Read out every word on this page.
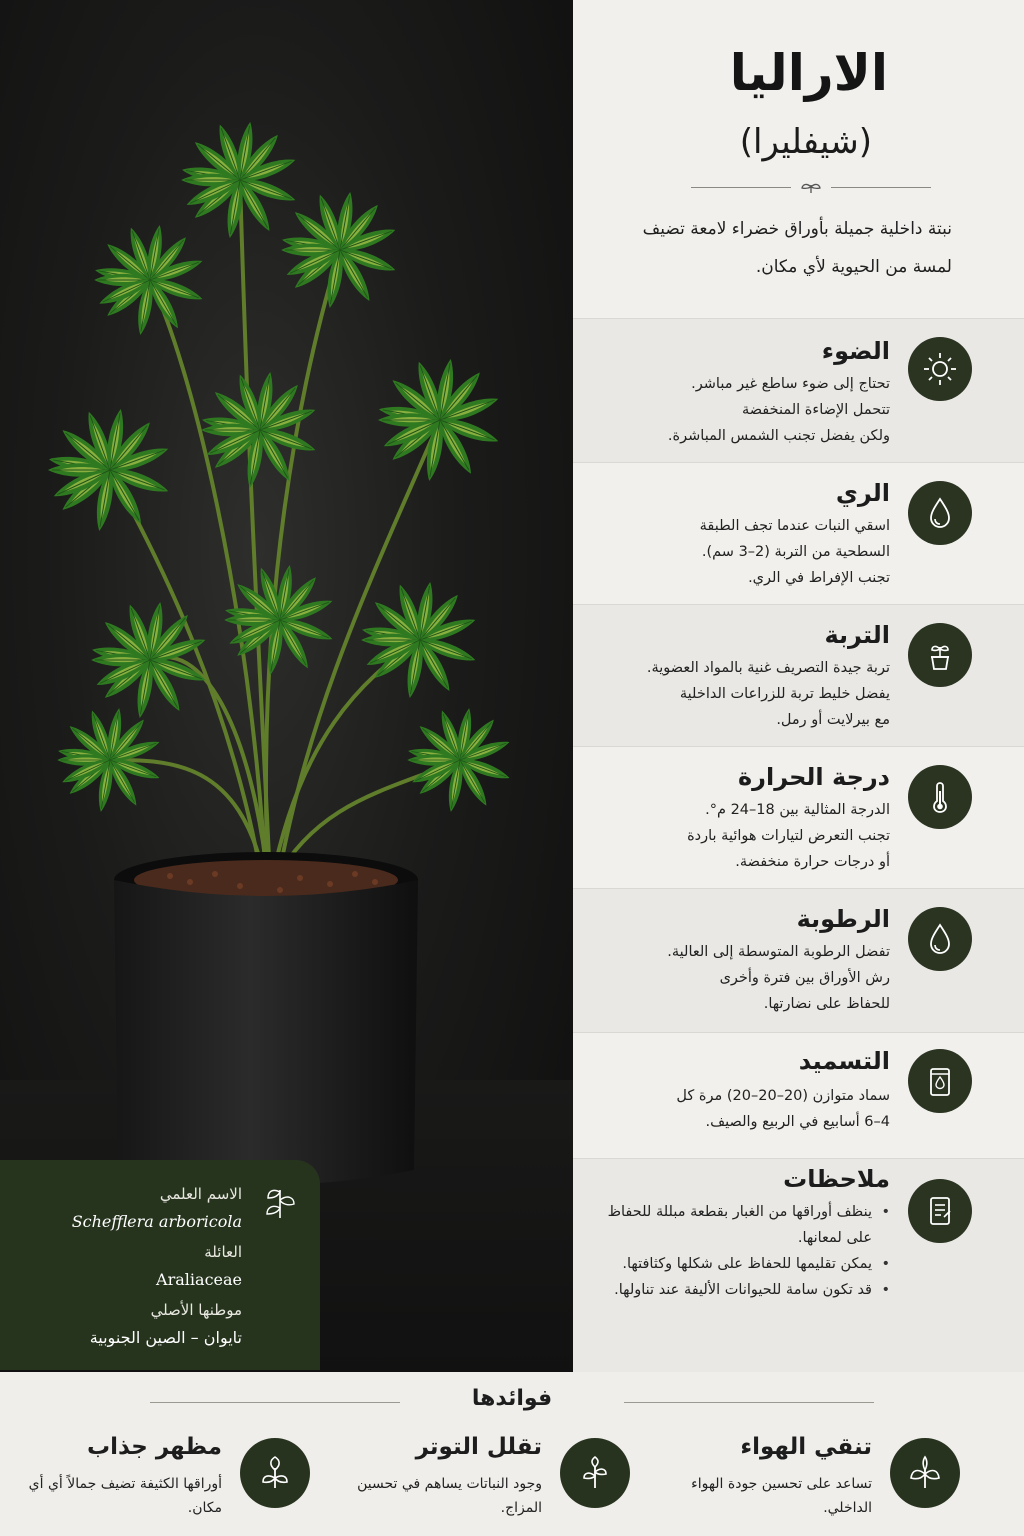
الاسم العلمي
Schefflera arboricola
العائلة
Araliaceae
موطنها الأصلي
تايوان – الصين الجنوبية
الاراليا
(شيفليرا)
نبتة داخلية جميلة بأوراق خضراء لامعة تضيف لمسة من الحيوية لأي مكان.
الضوء
تحتاج إلى ضوء ساطع غير مباشر.
تتحمل الإضاءة المنخفضة
ولكن يفضل تجنب الشمس المباشرة.
الري
اسقي النبات عندما تجف الطبقة
السطحية من التربة (2–3 سم).
تجنب الإفراط في الري.
التربة
تربة جيدة التصريف غنية بالمواد العضوية.
يفضل خليط تربة للزراعات الداخلية
مع بيرلايت أو رمل.
درجة الحرارة
الدرجة المثالية بين 18–24 م°.
تجنب التعرض لتيارات هوائية باردة
أو درجات حرارة منخفضة.
الرطوبة
تفضل الرطوبة المتوسطة إلى العالية.
رش الأوراق بين فترة وأخرى
للحفاظ على نضارتها.
التسميد
سماد متوازن (20–20–20) مرة كل
4–6 أسابيع في الربيع والصيف.
ملاحظات
• ينظف أوراقها من الغبار بقطعة مبللة للحفاظ على لمعانها.
• يمكن تقليمها للحفاظ على شكلها وكثافتها.
• قد تكون سامة للحيوانات الأليفة عند تناولها.
فوائدها
تنقي الهواء

تساعد على تحسين جودة الهواء الداخلي.

تقلل التوتر

وجود النباتات يساهم في تحسين المزاج.

مظهر جذاب

أوراقها الكثيفة تضيف جمالاً أي أي مكان.
